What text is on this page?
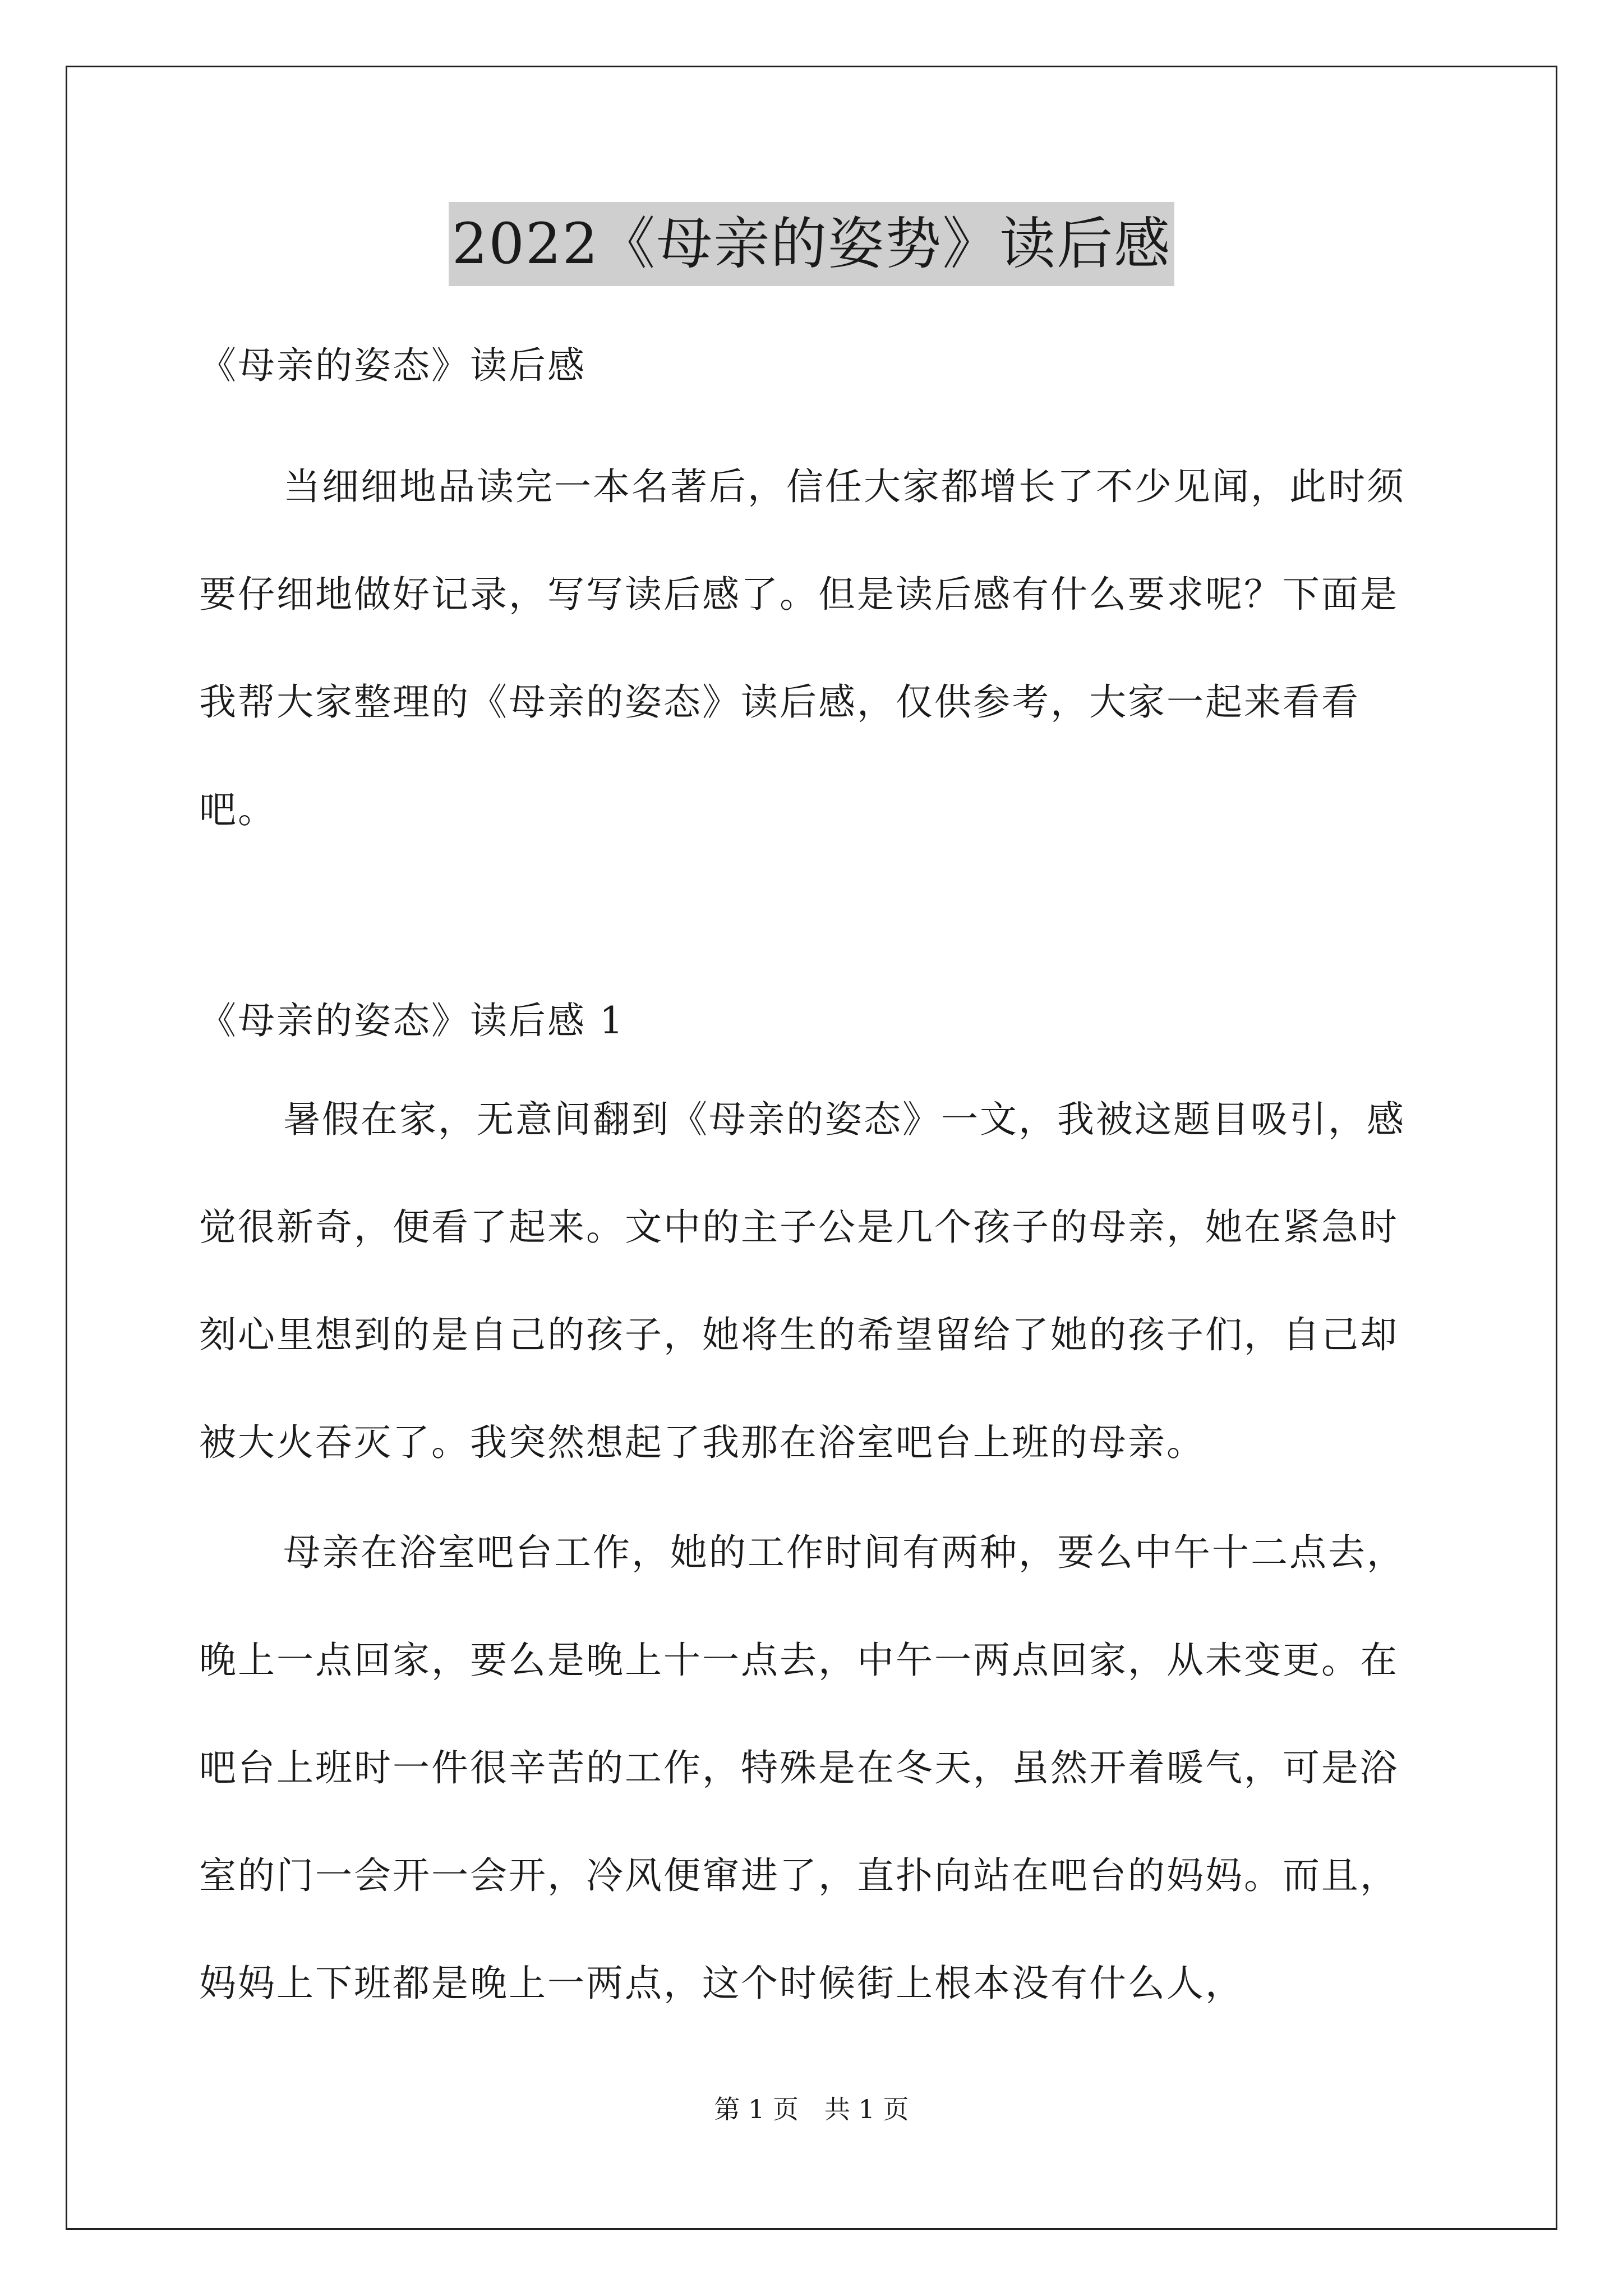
2022《母亲的姿势》读后感

《母亲的姿态》读后感

当细细地品读完一本名著后，信任大家都增长了不少见闻，此时须要仔细地做好记录，写写读后感了。但是读后感有什么要求呢？下面是我帮大家整理的《母亲的姿态》读后感，仅供参考，大家一起来看看吧。

《母亲的姿态》读后感 1

暑假在家，无意间翻到《母亲的姿态》一文，我被这题目吸引，感觉很新奇，便看了起来。文中的主子公是几个孩子的母亲，她在紧急时刻心里想到的是自己的孩子，她将生的希望留给了她的孩子们，自己却被大火吞灭了。我突然想起了我那在浴室吧台上班的母亲。

母亲在浴室吧台工作，她的工作时间有两种，要么中午十二点去，晚上一点回家，要么是晚上十一点去，中午一两点回家，从未变更。在吧台上班时一件很辛苦的工作，特殊是在冬天，虽然开着暖气，可是浴室的门一会开一会开，冷风便窜进了，直扑向站在吧台的妈妈。而且，妈妈上下班都是晚上一两点，这个时候街上根本没有什么人，

第 1 页　共 1 页
